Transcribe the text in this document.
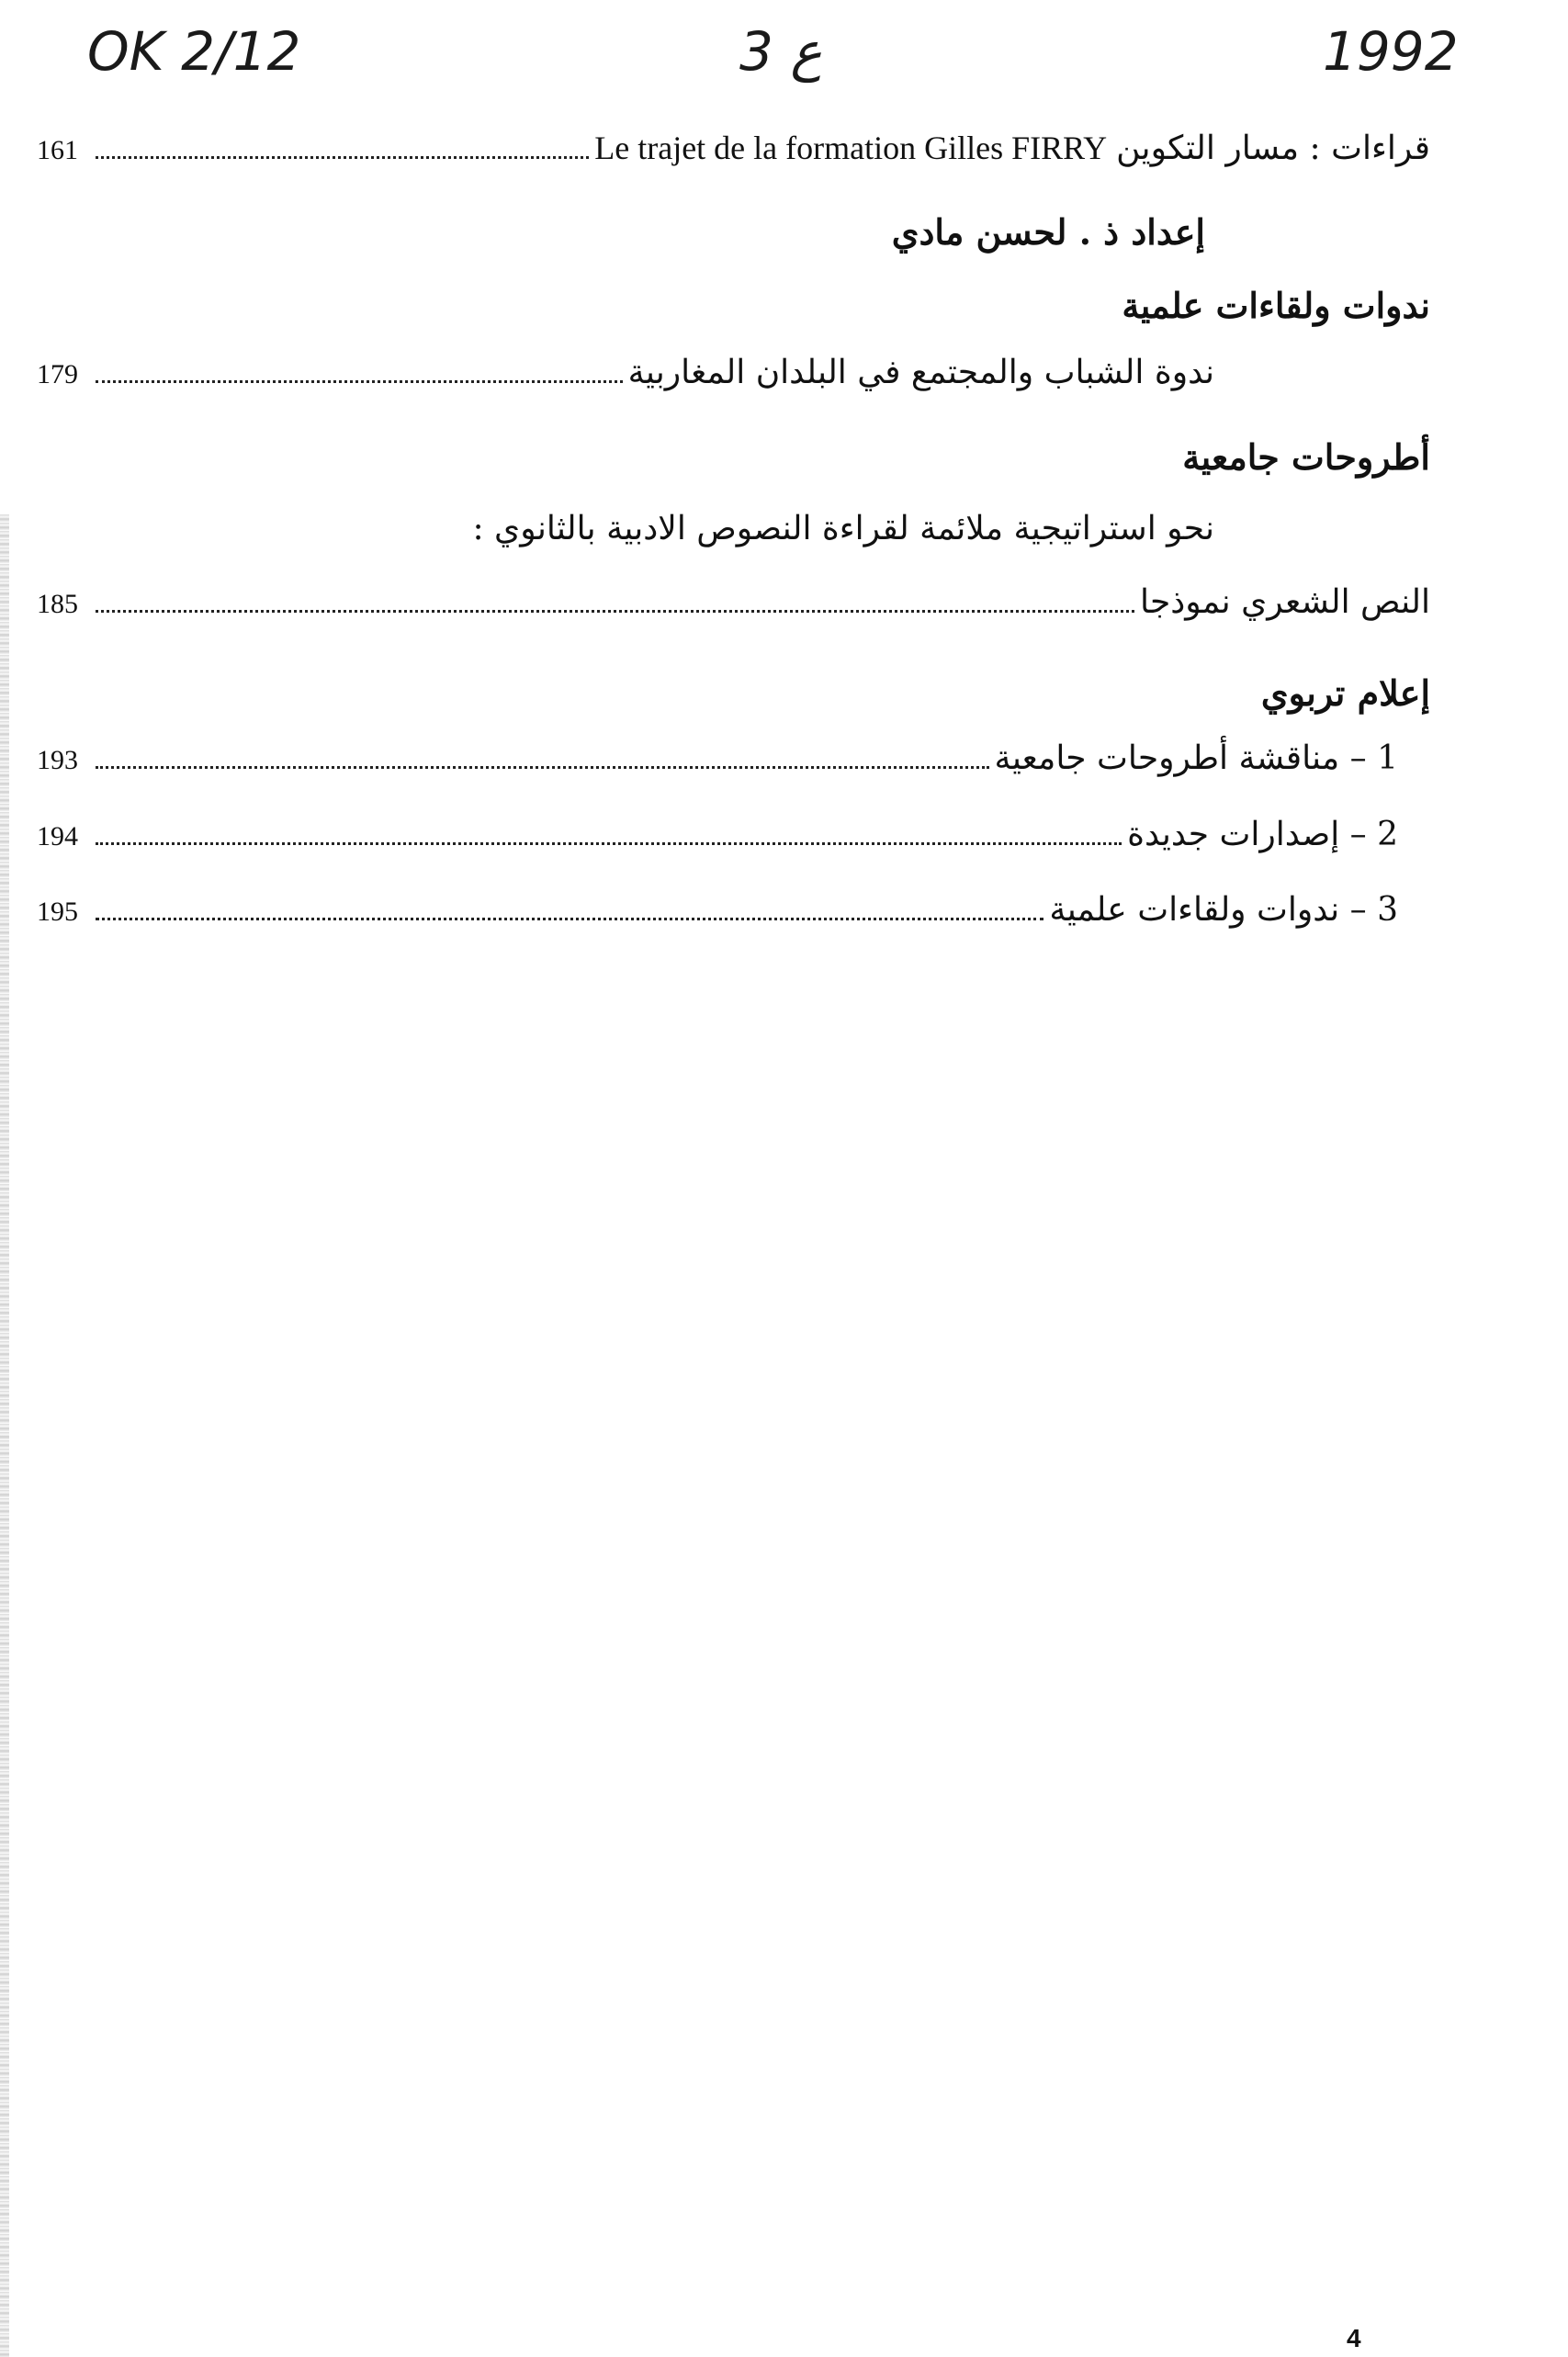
OK 2/12	3 ع	1992
161	Le trajet de la formation Gilles FIRRY قراءات : مسار التكوين
إعداد ذ . لحسن مادي
ندوات ولقاءات علمية
179	ندوة الشباب والمجتمع في البلدان المغاربية
أطروحات جامعية
نحو استراتيجية ملائمة لقراءة النصوص الادبية بالثانوي :
185	النص الشعري نموذجا
إعلام تربوي
193	1 – مناقشة أطروحات جامعية
194	2 – إصدارات جديدة
195	3 – ندوات ولقاءات علمية
4
